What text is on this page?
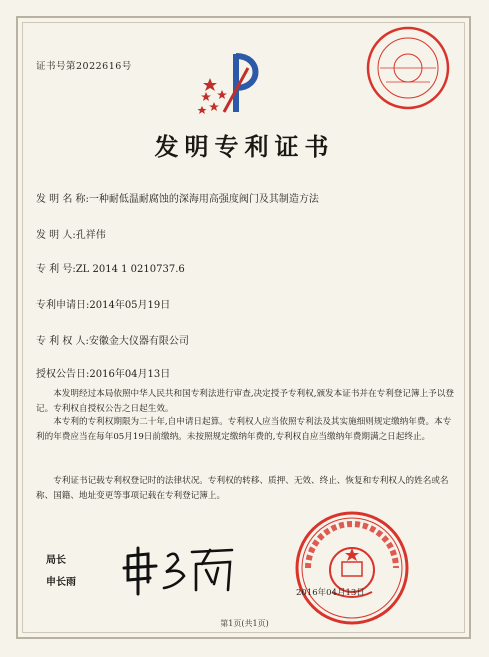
证书号第2022616号
发明专利证书
发 明 名 称:一种耐低温耐腐蚀的深海用高强度阀门及其制造方法
发 明 人:孔祥伟
专 利 号:ZL 2014 1 0210737.6
专利申请日:2014年05月19日
专 利 权 人:安徽金大仪器有限公司
授权公告日:2016年04月13日

本发明经过本局依照中华人民共和国专利法进行审查,决定授予专利权,颁发本证书并在专利登记簿上予以登记。专利权自授权公告之日起生效。

本专利的专利权期限为二十年,自申请日起算。专利权人应当依照专利法及其实施细则规定缴纳年费。本专利的年费应当在每年05月19日前缴纳。未按照规定缴纳年费的,专利权自应当缴纳年费期满之日起终止。

专利证书记载专利权登记时的法律状况。专利权的转移、质押、无效、终止、恢复和专利权人的姓名或名称、国籍、地址变更等事项记载在专利登记簿上。

局长
申长雨
2016年04月13日
第1页(共1页)
